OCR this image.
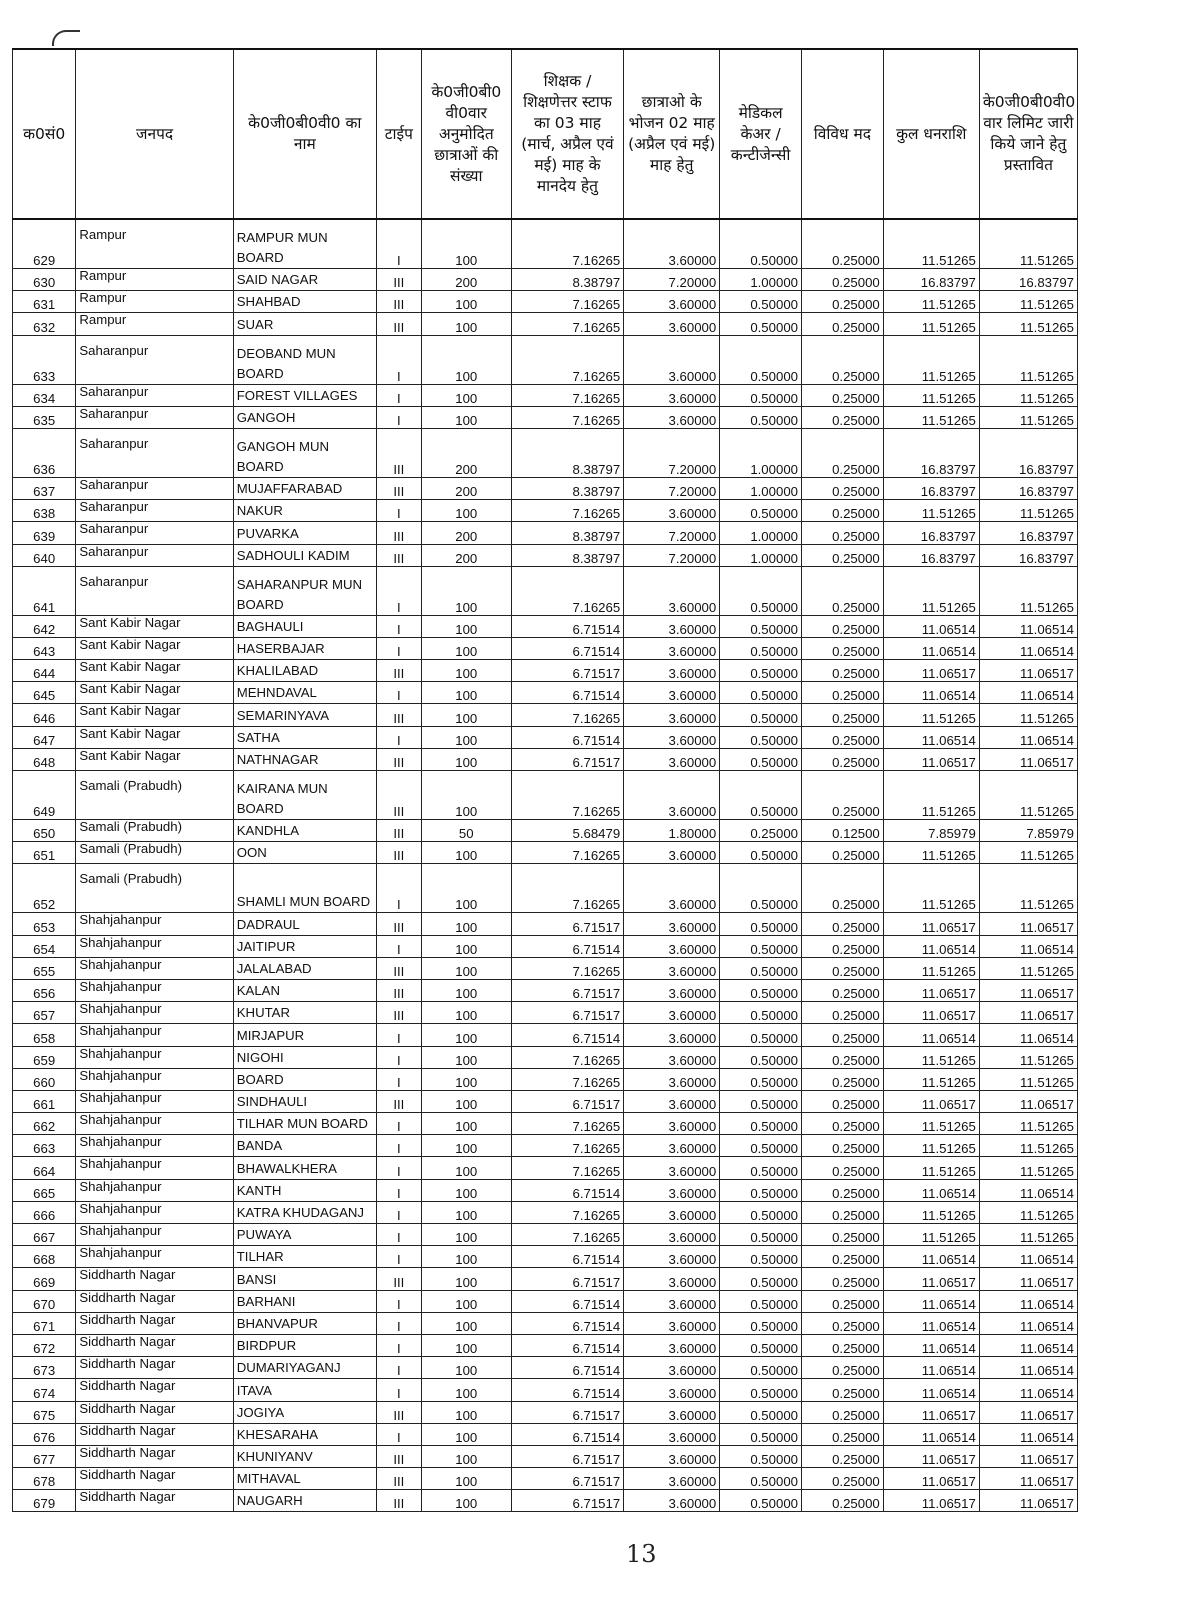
क0सं0	जनपद	के0जी0बी0वी0 का नाम	टाईप	के0जी0बी0 वी0वार अनुमोदित छात्राओं की संख्या	शिक्षक / शिक्षणेत्तर स्टाफ का 03 माह (मार्च, अप्रैल एवं मई) माह के मानदेय हेतु	छात्राओ के भोजन 02 माह (अप्रैल एवं मई) माह हेतु	मेडिकल केअर / कन्टीजेन्सी	विविध मद	कुल धनराशि	के0जी0बी0वी0 वार लिमिट जारी किये जाने हेतु प्रस्तावित
629	Rampur	RAMPUR MUN BOARD	I	100	7.16265	3.60000	0.50000	0.25000	11.51265	11.51265
630	Rampur	SAID NAGAR	III	200	8.38797	7.20000	1.00000	0.25000	16.83797	16.83797
631	Rampur	SHAHBAD	III	100	7.16265	3.60000	0.50000	0.25000	11.51265	11.51265
632	Rampur	SUAR	III	100	7.16265	3.60000	0.50000	0.25000	11.51265	11.51265
633	Saharanpur	DEOBAND MUN BOARD	I	100	7.16265	3.60000	0.50000	0.25000	11.51265	11.51265
634	Saharanpur	FOREST VILLAGES	I	100	7.16265	3.60000	0.50000	0.25000	11.51265	11.51265
635	Saharanpur	GANGOH	I	100	7.16265	3.60000	0.50000	0.25000	11.51265	11.51265
636	Saharanpur	GANGOH MUN BOARD	III	200	8.38797	7.20000	1.00000	0.25000	16.83797	16.83797
637	Saharanpur	MUJAFFARABAD	III	200	8.38797	7.20000	1.00000	0.25000	16.83797	16.83797
638	Saharanpur	NAKUR	I	100	7.16265	3.60000	0.50000	0.25000	11.51265	11.51265
639	Saharanpur	PUVARKA	III	200	8.38797	7.20000	1.00000	0.25000	16.83797	16.83797
640	Saharanpur	SADHOULI KADIM	III	200	8.38797	7.20000	1.00000	0.25000	16.83797	16.83797
641	Saharanpur	SAHARANPUR MUN BOARD	I	100	7.16265	3.60000	0.50000	0.25000	11.51265	11.51265
642	Sant Kabir Nagar	BAGHAULI	I	100	6.71514	3.60000	0.50000	0.25000	11.06514	11.06514
643	Sant Kabir Nagar	HASERBAJAR	I	100	6.71514	3.60000	0.50000	0.25000	11.06514	11.06514
644	Sant Kabir Nagar	KHALILABAD	III	100	6.71517	3.60000	0.50000	0.25000	11.06517	11.06517
645	Sant Kabir Nagar	MEHNDAVAL	I	100	6.71514	3.60000	0.50000	0.25000	11.06514	11.06514
646	Sant Kabir Nagar	SEMARINYAVA	III	100	7.16265	3.60000	0.50000	0.25000	11.51265	11.51265
647	Sant Kabir Nagar	SATHA	I	100	6.71514	3.60000	0.50000	0.25000	11.06514	11.06514
648	Sant Kabir Nagar	NATHNAGAR	III	100	6.71517	3.60000	0.50000	0.25000	11.06517	11.06517
649	Samali (Prabudh)	KAIRANA MUN BOARD	III	100	7.16265	3.60000	0.50000	0.25000	11.51265	11.51265
650	Samali (Prabudh)	KANDHLA	III	50	5.68479	1.80000	0.25000	0.12500	7.85979	7.85979
651	Samali (Prabudh)	OON	III	100	7.16265	3.60000	0.50000	0.25000	11.51265	11.51265
652	Samali (Prabudh)	SHAMLI MUN BOARD	I	100	7.16265	3.60000	0.50000	0.25000	11.51265	11.51265
653	Shahjahanpur	DADRAUL	III	100	6.71517	3.60000	0.50000	0.25000	11.06517	11.06517
654	Shahjahanpur	JAITIPUR	I	100	6.71514	3.60000	0.50000	0.25000	11.06514	11.06514
655	Shahjahanpur	JALALABAD	III	100	7.16265	3.60000	0.50000	0.25000	11.51265	11.51265
656	Shahjahanpur	KALAN	III	100	6.71517	3.60000	0.50000	0.25000	11.06517	11.06517
657	Shahjahanpur	KHUTAR	III	100	6.71517	3.60000	0.50000	0.25000	11.06517	11.06517
658	Shahjahanpur	MIRJAPUR	I	100	6.71514	3.60000	0.50000	0.25000	11.06514	11.06514
659	Shahjahanpur	NIGOHI	I	100	7.16265	3.60000	0.50000	0.25000	11.51265	11.51265
660	Shahjahanpur	BOARD	I	100	7.16265	3.60000	0.50000	0.25000	11.51265	11.51265
661	Shahjahanpur	SINDHAULI	III	100	6.71517	3.60000	0.50000	0.25000	11.06517	11.06517
662	Shahjahanpur	TILHAR MUN BOARD	I	100	7.16265	3.60000	0.50000	0.25000	11.51265	11.51265
663	Shahjahanpur	BANDA	I	100	7.16265	3.60000	0.50000	0.25000	11.51265	11.51265
664	Shahjahanpur	BHAWALKHERA	I	100	7.16265	3.60000	0.50000	0.25000	11.51265	11.51265
665	Shahjahanpur	KANTH	I	100	6.71514	3.60000	0.50000	0.25000	11.06514	11.06514
666	Shahjahanpur	KATRA KHUDAGANJ	I	100	7.16265	3.60000	0.50000	0.25000	11.51265	11.51265
667	Shahjahanpur	PUWAYA	I	100	7.16265	3.60000	0.50000	0.25000	11.51265	11.51265
668	Shahjahanpur	TILHAR	I	100	6.71514	3.60000	0.50000	0.25000	11.06514	11.06514
669	Siddharth Nagar	BANSI	III	100	6.71517	3.60000	0.50000	0.25000	11.06517	11.06517
670	Siddharth Nagar	BARHANI	I	100	6.71514	3.60000	0.50000	0.25000	11.06514	11.06514
671	Siddharth Nagar	BHANVAPUR	I	100	6.71514	3.60000	0.50000	0.25000	11.06514	11.06514
672	Siddharth Nagar	BIRDPUR	I	100	6.71514	3.60000	0.50000	0.25000	11.06514	11.06514
673	Siddharth Nagar	DUMARIYAGANJ	I	100	6.71514	3.60000	0.50000	0.25000	11.06514	11.06514
674	Siddharth Nagar	ITAVA	I	100	6.71514	3.60000	0.50000	0.25000	11.06514	11.06514
675	Siddharth Nagar	JOGIYA	III	100	6.71517	3.60000	0.50000	0.25000	11.06517	11.06517
676	Siddharth Nagar	KHESARAHA	I	100	6.71514	3.60000	0.50000	0.25000	11.06514	11.06514
677	Siddharth Nagar	KHUNIYANV	III	100	6.71517	3.60000	0.50000	0.25000	11.06517	11.06517
678	Siddharth Nagar	MITHAVAL	III	100	6.71517	3.60000	0.50000	0.25000	11.06517	11.06517
679	Siddharth Nagar	NAUGARH	III	100	6.71517	3.60000	0.50000	0.25000	11.06517	11.06517
13
